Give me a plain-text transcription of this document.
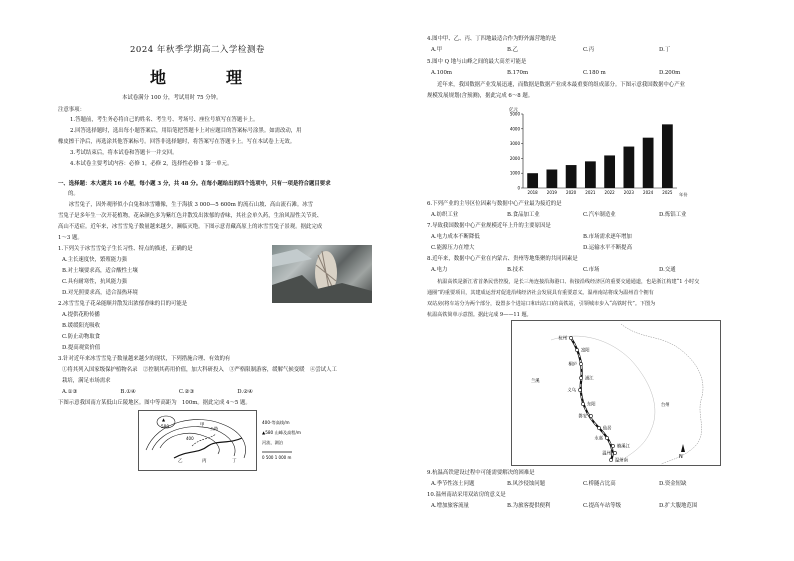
2024 年秋季学期高二入学检测卷
地　理
本试卷满分 100 分，考试用时 75 分钟。
注意事项：
1.答题前，考生务必将自己的姓名、考生号、考场号、座位号填写在答题卡上。
2.回答选择题时，选出每小题答案后，用铅笔把答题卡上对应题目的答案标号涂黑。如需改动，用
橡皮擦干净后，再选涂其他答案标号。回答非选择题时，将答案写在答题卡上。写在本试卷上无效。
3.考试结束后，将本试卷和答题卡一并交回。
4.本试卷主要考试内容：必修 1，必修 2，选择性必修 1 第一单元。
一、选择题：本大题共 16 小题，每小题 3 分，共 48 分。在每小题给出的四个选项中，只有一项是符合题目要求
的。
　　冰雪兔子，因外观形似小白兔和冰雪雕像，生于海拔 3 000—5 600m 的流石山坡、高山流石滩。冰雪
雪兔子是多年生一次开花植物，花朵颜色多为紫红色并散发出浓郁的香味，其社会单久药，生治风湿性关节炎、
高山不适症。近年来，冰雪雪兔子数量越来越少，濒临灭绝。下图示意青藏高原上的冰雪雪兔子景观。据此完成
1～3 题。
1.下列关于冰雪雪兔子生长习性、特点的描述，正确的是
A.主长速度快，繁殖能力强
B.对土壤要求高，适合酸性土壤
C.具有耐寒性，抗风能力强
D.对光照要求高，适合湿热环境
2.冰雪雪兔子花朵能顺并散发出浓郁香味的目的可能是
A.提供花粉传播
B.缓缓阳光吸收
C.防止动物取食
D.提高观赏价值
3.针对近年来冰雪雪兔子数量越来越少的现状，下列措施合理、有效的有
①将其列入国家级保护植物名录　②控制其药用价值，加大科研投入　③严格限制游客，缓解气候变暖　④尝试人工
栽培，满足市场需求
A.①③　　　　　　　　B.①④　　　　　　　　C.②③　　　　　　　　D.②④
下图示意我国南方某低山丘陵地区。图中等高距为　100m。据此完成 4～5 题。
▲
580	公路
400
甲
乙	丙	丁
400-等高线/m
▲580 山峰及高程/m
河流、湖泊
0 500 1 000 m
4.图中甲、乙、丙、丁四地最适合作为野外露营地的是
A.甲	B.乙	C.丙	D.丁
5.图中 Q 地与山峰之间的最大高差可能是
A.100m	B.170m	C.180 m	D.200m
近年来，我国数据产业发展迅速，而数据是数据产业成本最重要的组成部分。下图示意我国数据中心产业
规模发展规划(含预测)，据此完成 6～8 题。
亿元
0
1000
2000
3000
4000
5000
2018 2019 2020 2021 2022 2023 2024 2025 年份
6.下列产业的主导区位因素与数据中心产业最为接近的是
A.纺织工业	B.食品加工业	C.汽车制造业	D.炼铝工业
7.导致我国数据中心产业规模近年上升的主要原因是
A.电力成本不断降低	B.市场需求逐年增加
C.能源压力在增大	D.运输水平不断提高
8.近年来，数据中心产业在内蒙古、贵州等地集聚的共同因素是
A.电力	B.技术	C.市场	D.交通
　　杭温高铁是浙江省首条民营控股，是长三角连接沿海港口、衔接沿线经济区的重要交通通道，也是浙江构建“1 小时交
通圈”的重要项目，其建成运营对促进沿线经济社会发展具有重要意义。温州南站将成为温州首个拥有
双站房(将车站分为两个部分，设置多个进站口和出站口)的高铁站，引领城市步入“高铁时代”。下图为
杭温高铁简单示意图。据此完成 9——11 题。
杭州
富阳
桐庐
浦江
义乌
东阳
磐安
仙居
永嘉
楠溪江
温州
温州南
兰溪
台州
N
9.杭温高铁建设过程中可能需要解决的困难是
A.季节性冻土问题	B.风沙侵蚀问题	C.桥隧占比高	D.资金短缺
10.温州南站采用双站房的意义是
A.增加旅客流量	B.为旅客提供便利	C.提高车站等级	D.扩大腹地范围
